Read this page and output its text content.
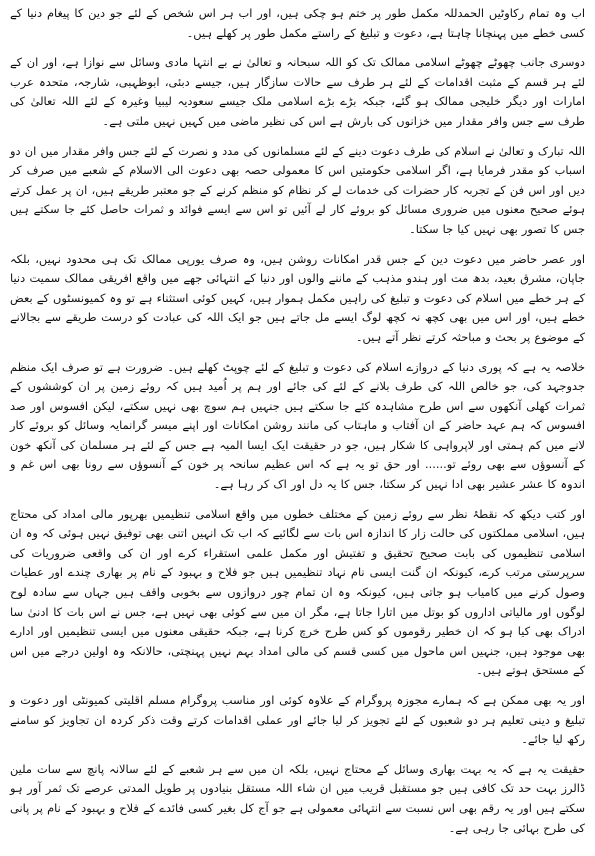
اب وہ تمام رکاوٹیں الحمدللہ مکمل طور پر ختم ہو چکی ہیں، اور اب ہر اس شخص کے لئے جو دین کا پیغام دنیا کے کسی خطے میں پہنچانا چاہتا ہے، دعوت و تبلیغ کے راستے مکمل طور پر کھلے ہیں۔

دوسری جانب چھوٹے چھوٹے اسلامی ممالک تک کو اللہ سبحانہ و تعالیٰ نے بے انتہا مادی وسائل سے نوازا ہے، اور ان کے لئے ہر قسم کے مثبت اقدامات کے لئے ہر طرف سے حالات سازگار ہیں، جیسے دبئی، ابوظہبی، شارجہ، متحدہ عرب امارات اور دیگر خلیجی ممالک ہو گئے، جبکہ بڑے بڑے اسلامی ملک جیسے سعودیہ لیبیا وغیرہ کے لئے اللہ تعالیٰ کی طرف سے جس وافر مقدار میں خزانوں کی بارش ہے اس کی نظیر ماضی میں کہیں نہیں ملتی ہے۔

اللہ تبارک و تعالیٰ نے اسلام کی طرف دعوت دینے کے لئے مسلمانوں کی مدد و نصرت کے لئے جس وافر مقدار میں ان دو اسباب کو مقدر فرمایا ہے، اگر اسلامی حکومتیں اس کا معمولی حصہ بھی دعوت الی الاسلام کے شعبے میں صرف کر دیں اور اس فن کے تجربہ کار حضرات کی خدمات لے کر نظام کو منظم کرنے کے جو معتبر طریقے ہیں، ان پر عمل کرتے ہوئے صحیح معنوں میں ضروری مسائل کو بروئے کار لے آئیں تو اس سے ایسے فوائد و ثمرات حاصل کئے جا سکتے ہیں جس کا تصور بھی نہیں کیا جا سکتا۔

اور عصر حاضر میں دعوت دین کے جس قدر امکانات روشن ہیں، وہ صرف یورپی ممالک تک ہی محدود نہیں، بلکہ جاپان، مشرق بعید، بدھ مت اور ہندو مذہب کے ماننے والوں اور دنیا کے انتہائی جھے میں واقع افریقی ممالک سمیت دنیا کے ہر خطے میں اسلام کی دعوت و تبلیغ کی راہیں مکمل ہموار ہیں، کہیں کوئی استثناء ہے تو وہ کمیونسٹوں کے بعض خطے ہیں، اور اس میں بھی کچھ نہ کچھ لوگ ایسے مل جاتے ہیں جو ایک اللہ کی عبادت کو درست طریقے سے بجالانے کے موضوع پر بحث و مباحثہ کرتے نظر آتے ہیں۔

خلاصہ یہ ہے کہ پوری دنیا کے دروازے اسلام کی دعوت و تبلیغ کے لئے چوپٹ کھلے ہیں۔ ضرورت ہے تو صرف ایک منظم جدوجہد کی، جو خالص اللہ کی طرف بلانے کے لئے کی جائے اور ہم پر اُمید ہیں کہ روئے زمین پر ان کوششوں کے ثمرات کھلی آنکھوں سے اس طرح مشاہدہ کئے جا سکتے ہیں جنہیں ہم سوچ بھی نہیں سکتے، لیکن افسوس اور صد افسوس کہ ہم عہد حاضر کے ان آفتاب و ماہتاب کی مانند روشن امکانات اور اپنے میسر گرانمایہ وسائل کو بروئے کار لانے میں کم ہمتی اور لاپرواہی کا شکار ہیں، جو در حقیقت ایک ایسا المیہ ہے جس کے لئے ہر مسلمان کی آنکھ خون کے آنسوؤں سے بھی روئے تو...... اور حق تو یہ ہے کہ اس عظیم سانحہ پر خون کے آنسوؤں سے رونا بھی اس غم و اندوہ کا عشر عشیر بھی ادا نہیں کر سکتا، جس کا یہ دل اور اک کر رہا ہے۔

اور کتب دیکھ کہ نقطۂ نظر سے روئے زمین کے مختلف خطوں میں واقع اسلامی تنظیمیں بھرپور مالی امداد کی محتاج ہیں، اسلامی مملکتوں کی حالت زار کا اندازہ اس بات سے لگائیے کہ اب تک انہیں اتنی بھی توفیق نہیں ہوئی کہ وہ ان اسلامی تنظیموں کی بابت صحیح تحقیق و تفتیش اور مکمل علمی استقراء کرے اور ان کی واقعی ضروریات کی سرپرستی مرتب کرے، کیونکہ ان گنت ایسی نام نہاد تنظیمیں ہیں جو فلاح و بہبود کے نام پر بھاری چندے اور عطیات وصول کرنے میں کامیاب ہو جاتی ہیں، کیونکہ وہ ان تمام چور دروازوں سے بخوبی واقف ہیں جہاں سے سادہ لوح لوگوں اور مالیاتی اداروں کو بوتل میں اتارا جاتا ہے، مگر ان میں سے کوئی بھی نہیں ہے، جس نے اس بات کا ادنیٰ سا ادراک بھی کیا ہو کہ ان خطیر رقوموں کو کس طرح خرچ کرنا ہے، جبکہ حقیقی معنوں میں ایسی تنظیمیں اور ادارے بھی موجود ہیں، جنہیں اس ماحول میں کسی قسم کی مالی امداد بہم نہیں پہنچتی، حالانکہ وہ اولین درجے میں اس کے مستحق ہوتے ہیں۔

اور یہ بھی ممکن ہے کہ ہمارے مجوزہ پروگرام کے علاوہ کوئی اور مناسب پروگرام مسلم اقلیتی کمیونٹی اور دعوت و تبلیغ و دینی تعلیم ہر دو شعبوں کے لئے تجویز کر لیا جائے اور عملی اقدامات کرتے وقت ذکر کردہ ان تجاویز کو سامنے رکھ لیا جائے۔

حقیقت یہ ہے کہ یہ بہت بھاری وسائل کے محتاج نہیں، بلکہ ان میں سے ہر شعبے کے لئے سالانہ پانچ سے سات ملین ڈالرز بہت حد تک کافی ہیں جو مستقبل قریب میں ان شاء اللہ مستقل بنیادوں پر طویل المدتی عرصے تک ثمر آور ہو سکتے ہیں اور یہ رقم بھی اس نسبت سے انتہائی معمولی ہے جو آج کل بغیر کسی فائدے کے فلاح و بہبود کے نام پر پانی کی طرح بہائی جا رہی ہے۔
